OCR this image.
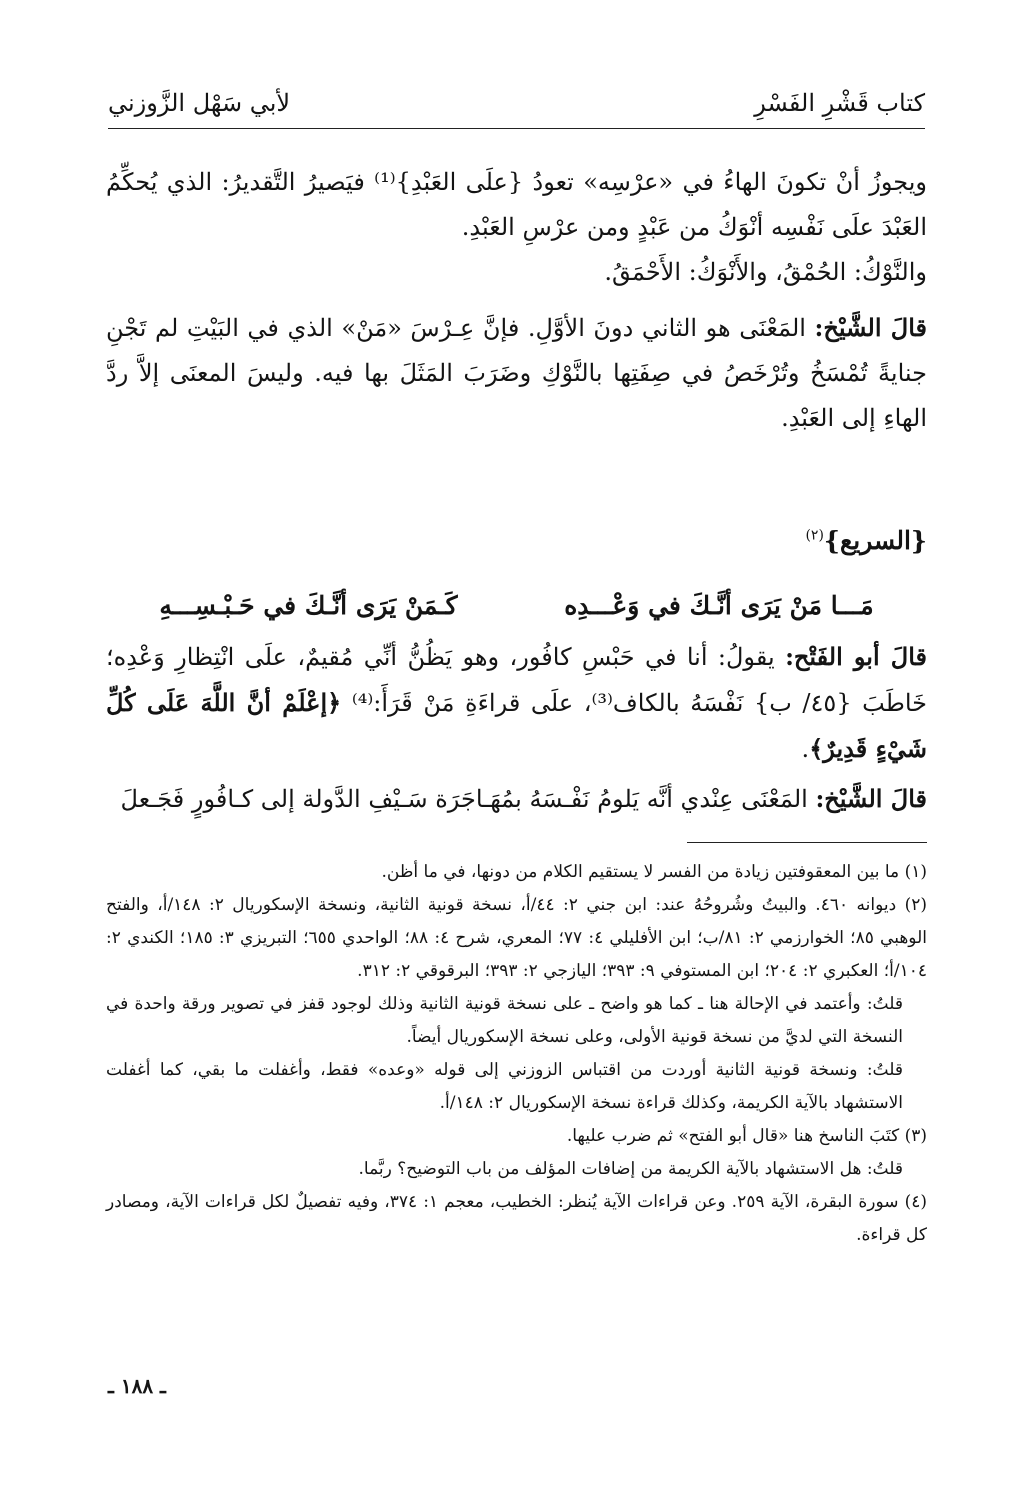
كتاب قَشْرِ الفَسْرِ
لأبي سَهْل الزَّوزني

ويجوزُ أنْ تكونَ الهاءُ في «عرْسِه» تعودُ {علَى العَبْدِ}⁽¹⁾ فيَصيرُ التَّقديرُ: الذي يُحكِّمُ العَبْدَ علَى نَفْسِه أنْوَكُ من عَبْدٍ ومن عرْسِ العَبْدِ.

والنَّوْكُ: الحُمْقُ، والأَنْوَكُ: الأَحْمَقُ.

قالَ الشَّيْخ: المَعْنَى هو الثاني دونَ الأوَّلِ. فإنَّ عِـرْسَ «مَنْ» الذي في البَيْتِ لم تَجْنِ جنايةً تُمْسَخُ وتُرْخَصُ في صِفَتِها بالنَّوْكِ وضَرَبَ المَثَلَ بها فيه. وليسَ المعنَى إلاَّ ردَّ الهاءِ إلى العَبْدِ.

{السريع}$^{(٢)}$
مَـــا مَنْ يَرَى أنَّـكَ في وَعْـــدِه
كَـمَنْ يَرَى أنَّـكَ في حَـبْـسِـــهِ

قالَ أبو الفَتْح: يقولُ: أنا في حَبْسِ كافُور، وهو يَظُنُّ أنِّي مُقيمٌ، علَى انْتِظارِ وَعْدِه؛ خَاطَبَ {٤٥/ ب} نَفْسَهُ بالكاف⁽³⁾، علَى قراءَةِ مَنْ قَرَأَ:⁽⁴⁾ ﴿إعْلَمْ أنَّ اللَّهَ عَلَى كُلِّ شَيْءٍ قَدِيرٌ﴾.

قالَ الشَّيْخ: المَعْنَى عِنْدي أنَّه يَلومُ نَفْـسَهُ بمُهَـاجَرَة سَـيْفِ الدَّولة إلى كـافُورٍ فَجَـعلَ

(١) ما بين المعقوفتين زيادة من الفسر لا يستقيم الكلام من دونها، في ما أظن.

(٢) ديوانه ٤٦٠. والبيتُ وشُروحُهُ عند: ابن جني ٢: ٤٤/أ، نسخة قونية الثانية، ونسخة الإسكوريال ٢: ١٤٨/أ، والفتح الوهبي ٨٥؛ الخوارزمي ٢: ٨١/ب؛ ابن الأفليلي ٤: ٧٧؛ المعري، شرح ٤: ٨٨؛ الواحدي ٦٥٥؛ التبريزي ٣: ١٨٥؛ الكندي ٢: ١٠٤/أ؛ العكبري ٢: ٢٠٤؛ ابن المستوفي ٩: ٣٩٣؛ اليازجي ٢: ٣٩٣؛ البرقوقي ٢: ٣١٢.

قلتُ: وأعتمد في الإحالة هنا ـ كما هو واضح ـ على نسخة قونية الثانية وذلك لوجود قفز في تصوير ورقة واحدة في النسخة التي لديَّ من نسخة قونية الأولى، وعلى نسخة الإسكوريال أيضاً.

قلتُ: ونسخة قونية الثانية أوردت من اقتباس الزوزني إلى قوله «وعده» فقط، وأغفلت ما بقي، كما أغفلت الاستشهاد بالآية الكريمة، وكذلك قراءة نسخة الإسكوريال ٢: ١٤٨/أ.

(٣) كتَبَ الناسخ هنا «قال أبو الفتح» ثم ضرب عليها.

قلتُ: هل الاستشهاد بالآية الكريمة من إضافات المؤلف من باب التوضيح؟ ربَّما.

(٤) سورة البقرة، الآية ٢٥٩. وعن قراءات الآية يُنظر: الخطيب، معجم ١: ٣٧٤، وفيه تفصيلٌ لكل قراءات الآية، ومصادر كل قراءة.

ـ ١٨٨ ـ
